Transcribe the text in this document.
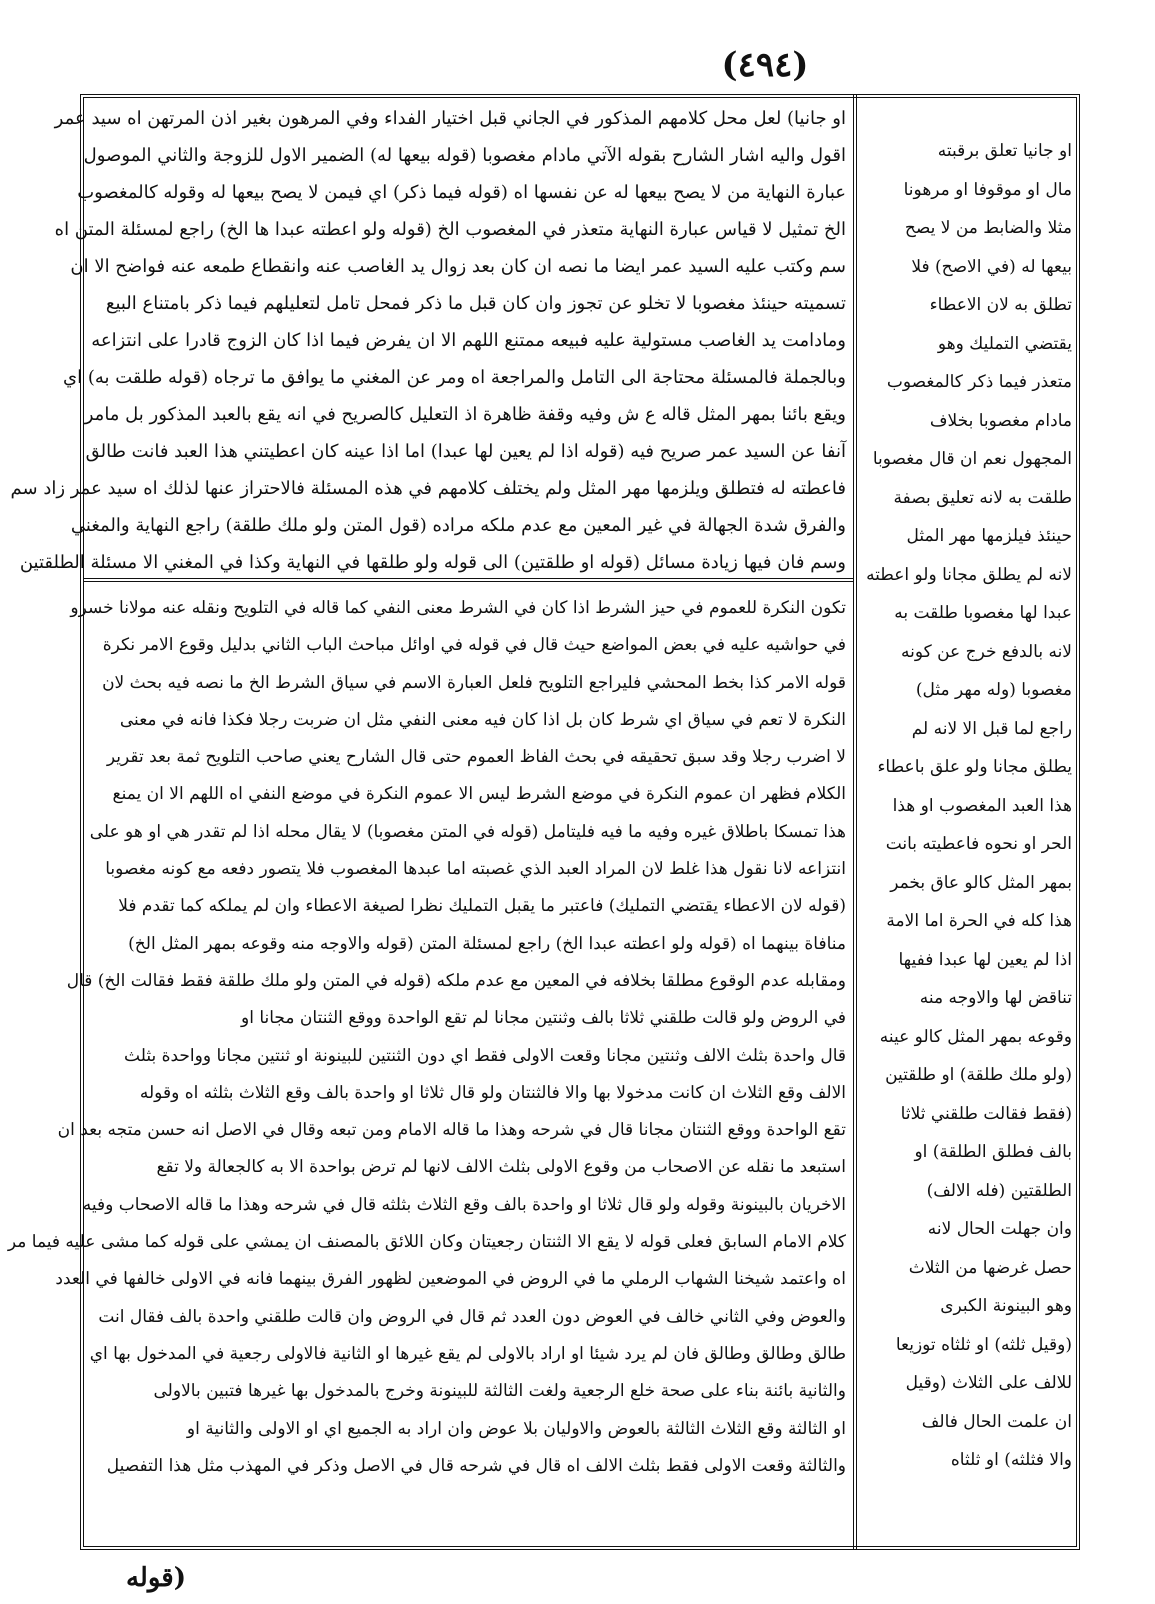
(٤٩٤)
او جانيا) لعل محل كلامهم المذكور في الجاني قبل اختيار الفداء وفي المرهون بغير اذن المرتهن اه سيد عمر
اقول واليه اشار الشارح بقوله الآتي مادام مغصوبا (قوله بيعها له) الضمير الاول للزوجة والثاني الموصول
عبارة النهاية من لا يصح بيعها له عن نفسها اه (قوله فيما ذكر) اي فيمن لا يصح بيعها له وقوله كالمغصوب
الخ تمثيل لا قياس عبارة النهاية متعذر في المغصوب الخ (قوله ولو اعطته عبدا ها الخ) راجع لمسئلة المتن اه
سم وكتب عليه السيد عمر ايضا ما نصه ان كان بعد زوال يد الغاصب عنه وانقطاع طمعه عنه فواضح الا ان
تسميته حينئذ مغصوبا لا تخلو عن تجوز وان كان قبل ما ذكر فمحل تامل لتعليلهم فيما ذكر بامتناع البيع
ومادامت يد الغاصب مستولية عليه فبيعه ممتنع اللهم الا ان يفرض فيما اذا كان الزوج قادرا على انتزاعه
وبالجملة فالمسئلة محتاجة الى التامل والمراجعة اه ومر عن المغني ما يوافق ما ترجاه (قوله طلقت به) اي
ويقع بائنا بمهر المثل قاله ع ش وفيه وقفة ظاهرة اذ التعليل كالصريح في انه يقع بالعبد المذكور بل مامر
آنفا عن السيد عمر صريح فيه (قوله اذا لم يعين لها عبدا) اما اذا عينه كان اعطيتني هذا العبد فانت طالق
فاعطته له فتطلق ويلزمها مهر المثل ولم يختلف كلامهم في هذه المسئلة فالاحتراز عنها لذلك اه سيد عمر زاد سم
والفرق شدة الجهالة في غير المعين مع عدم ملكه مراده (قول المتن ولو ملك طلقة) راجع النهاية والمغني
وسم فان فيها زيادة مسائل (قوله او طلقتين) الى قوله ولو طلقها في النهاية وكذا في المغني الا مسئلة الطلقتين
تكون النكرة للعموم في حيز الشرط اذا كان في الشرط معنى النفي كما قاله في التلويح ونقله عنه مولانا خسرو
في حواشيه عليه في بعض المواضع حيث قال في قوله في اوائل مباحث الباب الثاني بدليل وقوع الامر نكرة
قوله الامر كذا بخط المحشي فليراجع التلويح فلعل العبارة الاسم في سياق الشرط الخ ما نصه فيه بحث لان
النكرة لا تعم في سياق اي شرط كان بل اذا كان فيه معنى النفي مثل ان ضربت رجلا فكذا فانه في معنى
لا اضرب رجلا وقد سبق تحقيقه في بحث الفاظ العموم حتى قال الشارح يعني صاحب التلويح ثمة بعد تقرير
الكلام فظهر ان عموم النكرة في موضع الشرط ليس الا عموم النكرة في موضع النفي اه اللهم الا ان يمنع
هذا تمسكا باطلاق غيره وفيه ما فيه فليتامل (قوله في المتن مغصوبا) لا يقال محله اذا لم تقدر هي او هو على
انتزاعه لانا نقول هذا غلط لان المراد العبد الذي غصبته اما عبدها المغصوب فلا يتصور دفعه مع كونه مغصوبا
(قوله لان الاعطاء يقتضي التمليك) فاعتبر ما يقبل التمليك نظرا لصيغة الاعطاء وان لم يملكه كما تقدم فلا
منافاة بينهما اه (قوله ولو اعطته عبدا الخ) راجع لمسئلة المتن (قوله والاوجه منه وقوعه بمهر المثل الخ)
ومقابله عدم الوقوع مطلقا بخلافه في المعين مع عدم ملكه (قوله في المتن ولو ملك طلقة فقط فقالت الخ) قال
في الروض ولو قالت طلقني ثلاثا بالف وثنتين مجانا لم تقع الواحدة ووقع الثنتان مجانا او
قال واحدة بثلث الالف وثنتين مجانا وقعت الاولى فقط اي دون الثنتين للبينونة او ثنتين مجانا وواحدة بثلث
الالف وقع الثلاث ان كانت مدخولا بها والا فالثنتان ولو قال ثلاثا او واحدة بالف وقع الثلاث بثلثه اه وقوله
تقع الواحدة ووقع الثنتان مجانا قال في شرحه وهذا ما قاله الامام ومن تبعه وقال في الاصل انه حسن متجه بعد ان
استبعد ما نقله عن الاصحاب من وقوع الاولى بثلث الالف لانها لم ترض بواحدة الا به كالجعالة ولا تقع
الاخريان بالبينونة وقوله ولو قال ثلاثا او واحدة بالف وقع الثلاث بثلثه قال في شرحه وهذا ما قاله الاصحاب وفيه
كلام الامام السابق فعلى قوله لا يقع الا الثنتان رجعيتان وكان اللائق بالمصنف ان يمشي على قوله كما مشى عليه فيما مر
اه واعتمد شيخنا الشهاب الرملي ما في الروض في الموضعين لظهور الفرق بينهما فانه في الاولى خالفها في العدد
والعوض وفي الثاني خالف في العوض دون العدد ثم قال في الروض وان قالت طلقني واحدة بالف فقال انت
طالق وطالق وطالق فان لم يرد شيئا او اراد بالاولى لم يقع غيرها او الثانية فالاولى رجعية في المدخول بها اي
والثانية بائنة بناء على صحة خلع الرجعية ولغت الثالثة للبينونة وخرج بالمدخول بها غيرها فتبين بالاولى
او الثالثة وقع الثلاث الثالثة بالعوض والاوليان بلا عوض وان اراد به الجميع اي او الاولى والثانية او
والثالثة وقعت الاولى فقط بثلث الالف اه قال في شرحه قال في الاصل وذكر في المهذب مثل هذا التفصيل
او جانيا تعلق برقبته
مال او موقوفا او مرهونا
مثلا والضابط من لا يصح
بيعها له (في الاصح) فلا
تطلق به لان الاعطاء
يقتضي التمليك وهو
متعذر فيما ذكر كالمغصوب
مادام مغصوبا بخلاف
المجهول نعم ان قال مغصوبا
طلقت به لانه تعليق بصفة
حينئذ فيلزمها مهر المثل
لانه لم يطلق مجانا ولو اعطته
عبدا لها مغصوبا طلقت به
لانه بالدفع خرج عن كونه
مغصوبا (وله مهر مثل)
راجع لما قبل الا لانه لم
يطلق مجانا ولو علق باعطاء
هذا العبد المغصوب او هذا
الحر او نحوه فاعطيته بانت
بمهر المثل كالو عاق بخمر
هذا كله في الحرة اما الامة
اذا لم يعين لها عبدا ففيها
تناقض لها والاوجه منه
وقوعه بمهر المثل كالو عينه
(ولو ملك طلقة) او طلقتين
(فقط فقالت طلقني ثلاثا
بالف فطلق الطلقة) او
الطلقتين (فله الالف)
وان جهلت الحال لانه
حصل غرضها من الثلاث
وهو البينونة الكبرى
(وقيل ثلثه) او ثلثاه توزيعا
للالف على الثلاث (وقيل
ان علمت الحال فالف
والا فثلثه) او ثلثاه
(قوله
